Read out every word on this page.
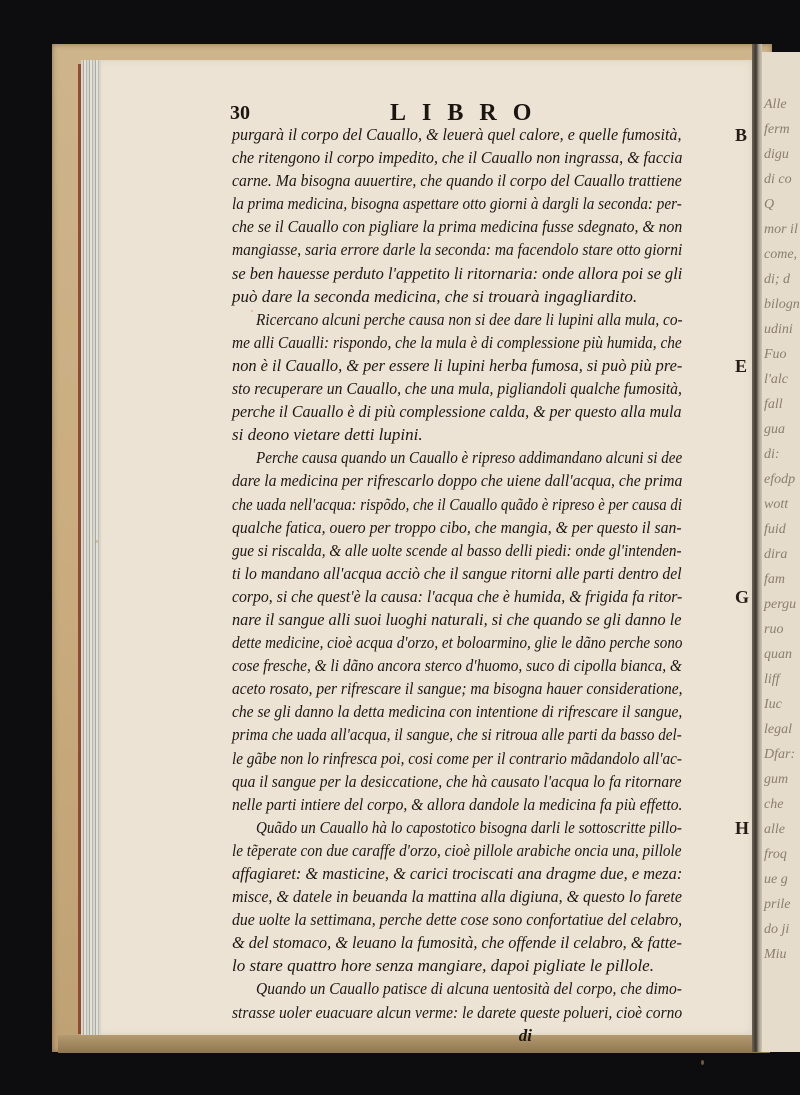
Alle
ferm
digu
di co
Q
mor il
come,
di; d
bilogn
udini
Fuo
l'alc
fall
gua
di:
efodp
wott
fuid
dira
fam
pergu
ruo
quan
liff
Iuc
legal
Dfar:
gum
che
alle
froq
ue g
prile
do ji
Miu
30	LIBRO
purgarà il corpo del Cauallo, & leuerà quel calore, e quelle fumosità,
che ritengono il corpo impedito, che il Cauallo non ingrassa, & faccia
carne. Ma bisogna auuertire, che quando il corpo del Cauallo trattiene
la prima medicina, bisogna aspettare otto giorni à dargli la seconda: per-
che se il Cauallo con pigliare la prima medicina fusse sdegnato, & non
mangiasse, saria errore darle la seconda: ma facendolo stare otto giorni
se ben hauesse perduto l'appetito li ritornaria: onde allora poi se gli
può dare la seconda medicina, che si trouarà ingagliardito.
Ricercano alcuni perche causa non si dee dare li lupini alla mula, co-
me alli Caualli: rispondo, che la mula è di complessione più humida, che
non è il Cauallo, & per essere li lupini herba fumosa, si può più pre-
sto recuperare un Cauallo, che una mula, pigliandoli qualche fumosità,
perche il Cauallo è di più complessione calda, & per questo alla mula
si deono vietare detti lupini.
Perche causa quando un Cauallo è ripreso addimandano alcuni si dee
dare la medicina per rifrescarlo doppo che uiene dall'acqua, che prima
che uada nell'acqua: rispõdo, che il Cauallo quãdo è ripreso è per causa di
qualche fatica, ouero per troppo cibo, che mangia, & per questo il san-
gue si riscalda, & alle uolte scende al basso delli piedi: onde gl'intenden-
ti lo mandano all'acqua acciò che il sangue ritorni alle parti dentro del
corpo, si che quest'è la causa: l'acqua che è humida, & frigida fa ritor-
nare il sangue alli suoi luoghi naturali, si che quando se gli danno le
dette medicine, cioè acqua d'orzo, et boloarmino, glie le dãno perche sono
cose fresche, & li dãno ancora sterco d'huomo, suco di cipolla bianca, &
aceto rosato, per rifrescare il sangue; ma bisogna hauer consideratione,
che se gli danno la detta medicina con intentione di rifrescare il sangue,
prima che uada all'acqua, il sangue, che si ritroua alle parti da basso del-
le gãbe non lo rinfresca poi, cosi come per il contrario mãdandolo all'ac-
qua il sangue per la desiccatione, che hà causato l'acqua lo fa ritornare
nelle parti intiere del corpo, & allora dandole la medicina fa più effetto.
Quãdo un Cauallo hà lo capostotico bisogna darli le sottoscritte pillo-
le tẽperate con due caraffe d'orzo, cioè pillole arabiche oncia una, pillole
affagiaret: & masticine, & carici trociscati ana dragme due, e meza:
misce, & datele in beuanda la mattina alla digiuna, & questo lo farete
due uolte la settimana, perche dette cose sono confortatiue del celabro,
& del stomaco, & leuano la fumosità, che offende il celabro, & fatte-
lo stare quattro hore senza mangiare, dapoi pigliate le pillole.
Quando un Cauallo patisce di alcuna uentosità del corpo, che dimo-
strasse uoler euacuare alcun verme: le darete queste polueri, cioè corno
di
B
E
G
H
